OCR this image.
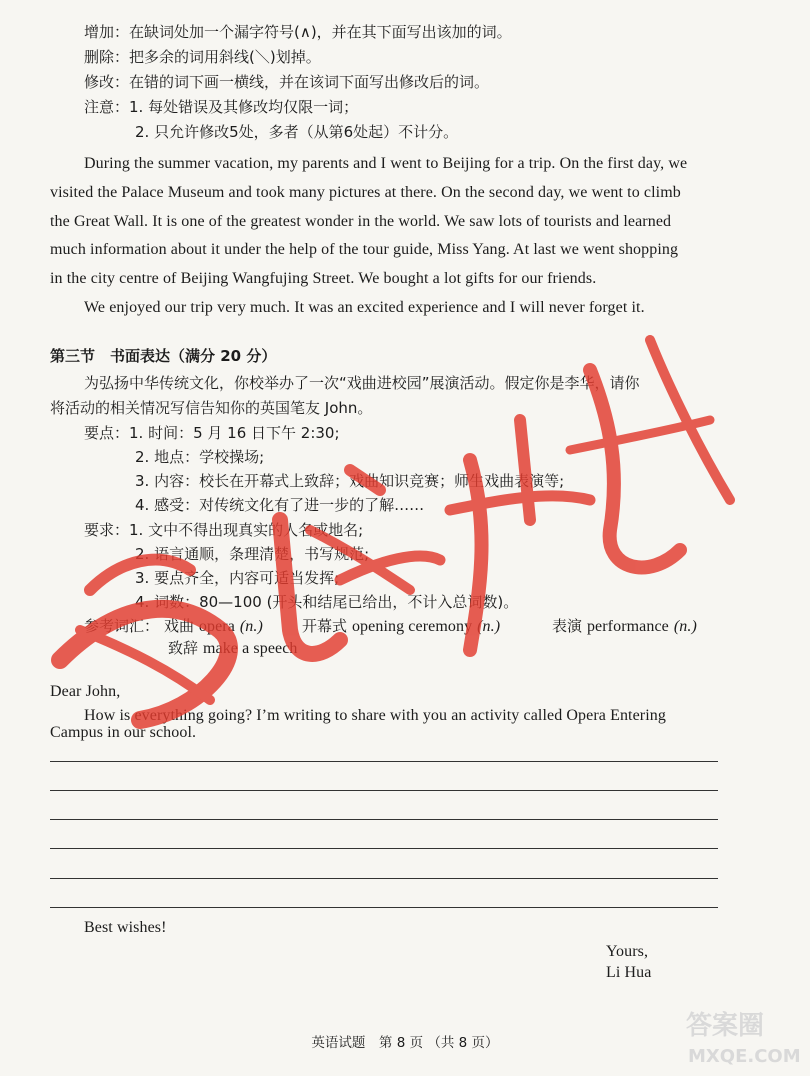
增加：在缺词处加一个漏字符号(∧)，并在其下面写出该加的词。
删除：把多余的词用斜线(＼)划掉。
修改：在错的词下画一横线，并在该词下面写出修改后的词。
注意：1. 每处错误及其修改均仅限一词；
2. 只允许修改5处，多者（从第6处起）不计分。
During the summer vacation, my parents and I went to Beijing for a trip. On the first day, we
visited the Palace Museum and took many pictures at there. On the second day, we went to climb
the Great Wall. It is one of the greatest wonder in the world. We saw lots of tourists and learned
much information about it under the help of the tour guide, Miss Yang. At last we went shopping
in the city centre of Beijing Wangfujing Street. We bought a lot gifts for our friends.
We enjoyed our trip very much. It was an excited experience and I will never forget it.
第三节　书面表达（满分 20 分）
为弘扬中华传统文化，你校举办了一次“戏曲进校园”展演活动。假定你是李华，请你
将活动的相关情况写信告知你的英国笔友 John。
要点：1. 时间：5 月 16 日下午 2:30;
2. 地点：学校操场;
3. 内容：校长在开幕式上致辞；戏曲知识竞赛；师生戏曲表演等;
4. 感受：对传统文化有了进一步的了解……
要求：1. 文中不得出现真实的人名或地名;
2. 语言通顺，条理清楚，书写规范;
3. 要点齐全，内容可适当发挥;
4. 词数：80—100 (开头和结尾已给出，不计入总词数)。
参考词汇： 戏曲 opera (n.)	开幕式 opening ceremony (n.)	表演 performance (n.)
致辞 make a speech
Dear John,
How is everything going? I’m writing to share with you an activity called Opera Entering
Campus in our school.
Best wishes!
Yours,
Li Hua
英语试题　第 8 页 （共 8 页）
答案圈
MXQE.COM
